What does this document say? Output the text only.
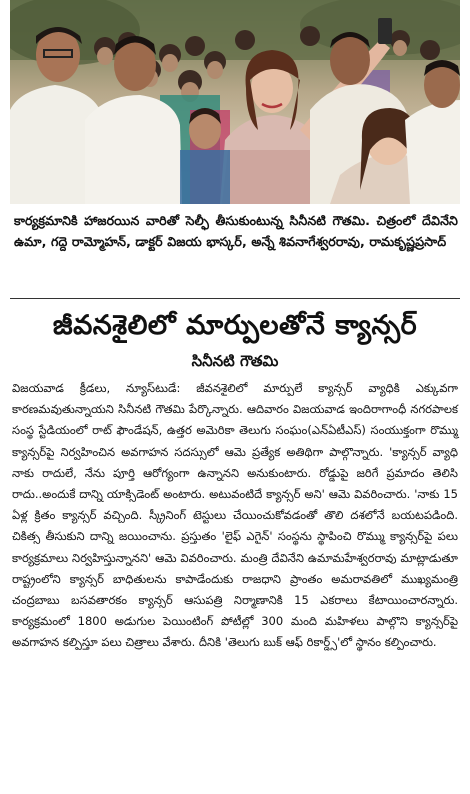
కార్యక్రమానికి హాజరయిన వారితో సెల్ఫీ తీసుకుంటున్న సినీనటి గౌతమి. చిత్రంలో దేవినేని ఉమా, గద్దె రామ్మోహన్, డాక్టర్ విజయ భాస్కర్, అన్నే శివనాగేశ్వరరావు, రామకృష్ణప్రసాద్
జీవనశైలిలో మార్పులతోనే క్యాన్సర్
సినీనటి గౌతమి

విజయవాడ క్రీడలు, న్యూస్‌టుడే: జీవనశైలిలో మార్పులే క్యాన్సర్ వ్యాధికి ఎక్కువగా కారణమవుతున్నాయని సినీనటి గౌతమి పేర్కొన్నారు. ఆదివారం విజయవాడ ఇందిరాగాంధీ నగరపాలక సంస్థ స్టేడియంలో రాట్ ఫౌండేషన్, ఉత్తర అమెరికా తెలుగు సంఘం(ఎన్ఏటీఎస్) సంయుక్తంగా రొమ్ము క్యాన్సర్‌పై నిర్వహించిన అవగాహన సదస్సులో ఆమె ప్రత్యేక అతిథిగా పాల్గొన్నారు. 'క్యాన్సర్ వ్యాధి నాకు రాదులే, నేను పూర్తి ఆరోగ్యంగా ఉన్నానని అనుకుంటారు. రోడ్డుపై జరిగే ప్రమాదం తెలిసి రాదు..అందుకే దాన్ని యాక్సిడెంట్ అంటారు. అటువంటిదే క్యాన్సర్ అని' ఆమె వివరించారు. 'నాకు 15 ఏళ్ల క్రితం క్యాన్సర్ వచ్చింది. స్క్రీనింగ్ టెస్టులు చేయించుకోవడంతో తొలి దశలోనే బయటపడింది. చికిత్స తీసుకుని దాన్ని జయించాను. ప్రస్తుతం 'లైఫ్ ఎగైన్' సంస్థను స్థాపించి రొమ్ము క్యాన్సర్‌పై పలు కార్యక్రమాలు నిర్వహిస్తున్నానని' ఆమె వివరించారు. మంత్రి దేవినేని ఉమామహేశ్వరరావు మాట్లాడుతూ రాష్ట్రంలోని క్యాన్సర్ బాధితులను కాపాడేందుకు రాజధాని ప్రాంతం అమరావతిలో ముఖ్యమంత్రి చంద్రబాబు బసవతారకం క్యాన్సర్ ఆసుపత్రి నిర్మాణానికి 15 ఎకరాలు కేటాయించారన్నారు. కార్యక్రమంలో 1800 అడుగుల పెయింటింగ్ పోటీల్లో 300 మంది మహిళలు పాల్గొని క్యాన్సర్‌పై అవగాహన కల్పిస్తూ పలు చిత్రాలు వేశారు. దీనికి 'తెలుగు బుక్ ఆఫ్ రికార్డ్స్'లో స్థానం కల్పించారు.
